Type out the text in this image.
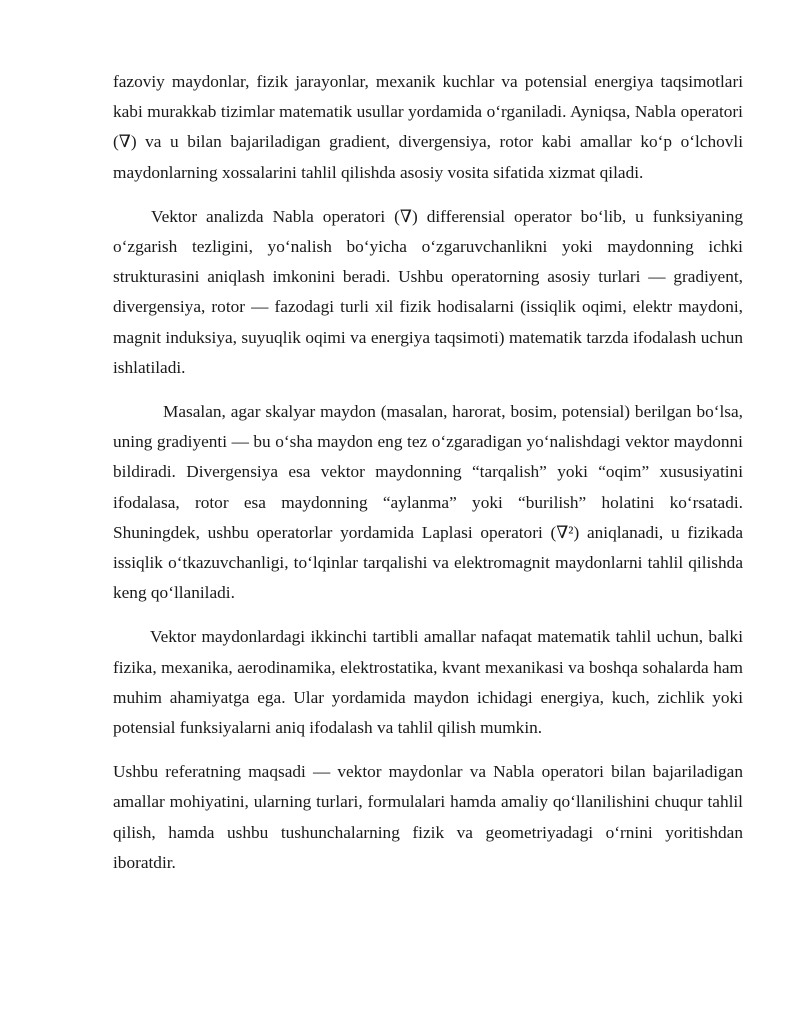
fazoviy maydonlar, fizik jarayonlar, mexanik kuchlar va potensial energiya taqsimotlari kabi murakkab tizimlar matematik usullar yordamida o‘rganiladi. Ayniqsa, Nabla operatori (∇) va u bilan bajariladigan gradient, divergensiya, rotor kabi amallar ko‘p o‘lchovli maydonlarning xossalarini tahlil qilishda asosiy vosita sifatida xizmat qiladi.

Vektor analizda Nabla operatori (∇) differensial operator bo‘lib, u funksiyaning o‘zgarish tezligini, yo‘nalish bo‘yicha o‘zgaruvchanlikni yoki maydonning ichki strukturasini aniqlash imkonini beradi. Ushbu operatorning asosiy turlari — gradiyent, divergensiya, rotor — fazodagi turli xil fizik hodisalarni (issiqlik oqimi, elektr maydoni, magnit induksiya, suyuqlik oqimi va energiya taqsimoti) matematik tarzda ifodalash uchun ishlatiladi.

Masalan, agar skalyar maydon (masalan, harorat, bosim, potensial) berilgan bo‘lsa, uning gradiyenti — bu o‘sha maydon eng tez o‘zgaradigan yo‘nalishdagi vektor maydonni bildiradi. Divergensiya esa vektor maydonning “tarqalish” yoki “oqim” xususiyatini ifodalasa, rotor esa maydonning “aylanma” yoki “burilish” holatini ko‘rsatadi. Shuningdek, ushbu operatorlar yordamida Laplasi operatori (∇²) aniqlanadi, u fizikada issiqlik o‘tkazuvchanligi, to‘lqinlar tarqalishi va elektromagnit maydonlarni tahlil qilishda keng qo‘llaniladi.

Vektor maydonlardagi ikkinchi tartibli amallar nafaqat matematik tahlil uchun, balki fizika, mexanika, aerodinamika, elektrostatika, kvant mexanikasi va boshqa sohalarda ham muhim ahamiyatga ega. Ular yordamida maydon ichidagi energiya, kuch, zichlik yoki potensial funksiyalarni aniq ifodalash va tahlil qilish mumkin.

Ushbu referatning maqsadi — vektor maydonlar va Nabla operatori bilan bajariladigan amallar mohiyatini, ularning turlari, formulalari hamda amaliy qo‘llanilishini chuqur tahlil qilish, hamda ushbu tushunchalarning fizik va geometriyadagi o‘rnini yoritishdan iboratdir.
